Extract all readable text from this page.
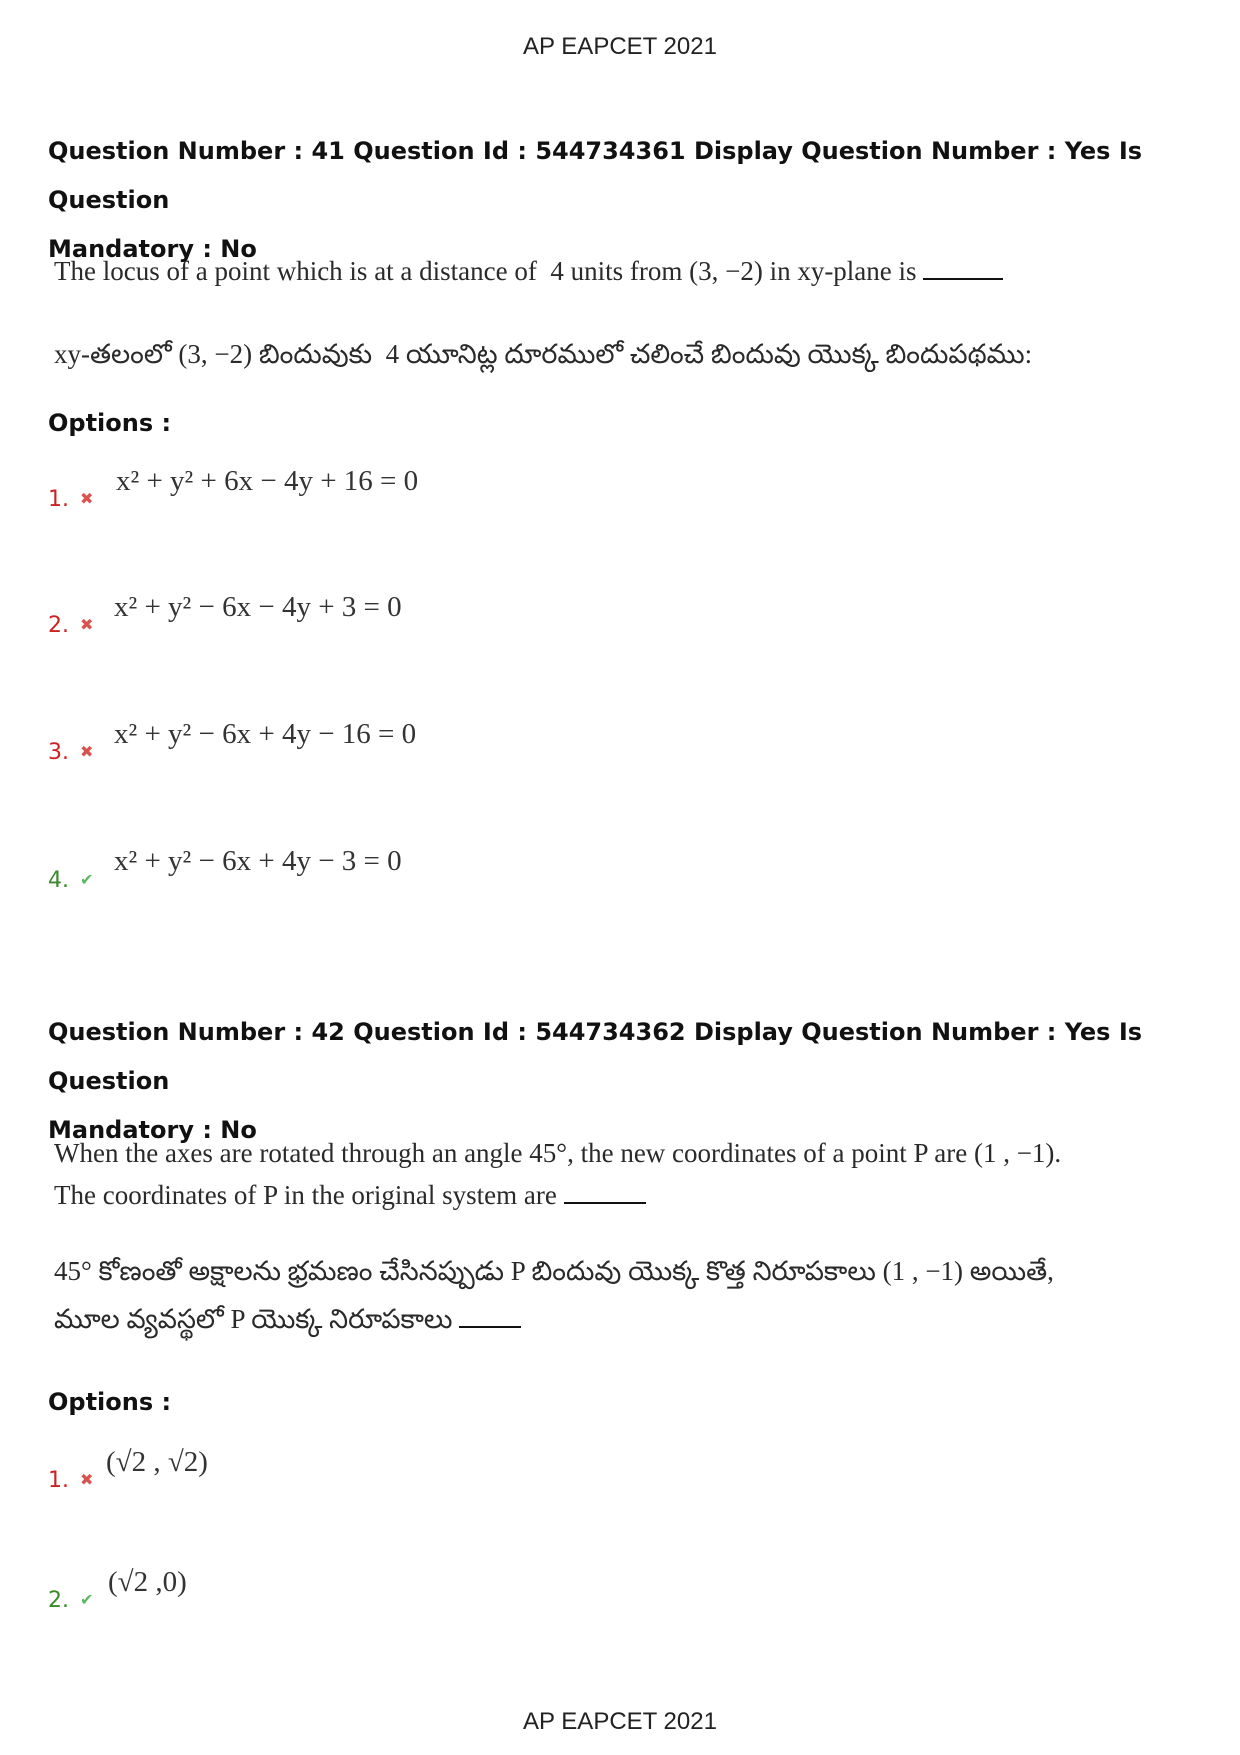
AP EAPCET 2021
Question Number : 41 Question Id : 544734361 Display Question Number : Yes Is Question
Mandatory : No
The locus of a point which is at a distance of  4 units from (3, −2) in xy-plane is
xy-తలంలో (3, −2) బిందువుకు  4 యూనిట్ల దూరములో చలించే బిందువు యొక్క బిందుపథము:
Options :
1. ✖
x² + y² + 6x − 4y + 16 = 0
2. ✖
x² + y² − 6x − 4y + 3 = 0
3. ✖
x² + y² − 6x + 4y − 16 = 0
4. ✔
x² + y² − 6x + 4y − 3 = 0
Question Number : 42 Question Id : 544734362 Display Question Number : Yes Is Question
Mandatory : No
When the axes are rotated through an angle 45°, the new coordinates of a point P are (1 , −1).
The coordinates of P in the original system are
45° కోణంతో అక్షాలను భ్రమణం చేసినప్పుడు P బిందువు యొక్క కొత్త నిరూపకాలు (1 , −1) అయితే,
మూల వ్యవస్థలో P యొక్క నిరూపకాలు
Options :
1. ✖
(√2 , √2)
2. ✔
(√2 ,0)
AP EAPCET 2021
